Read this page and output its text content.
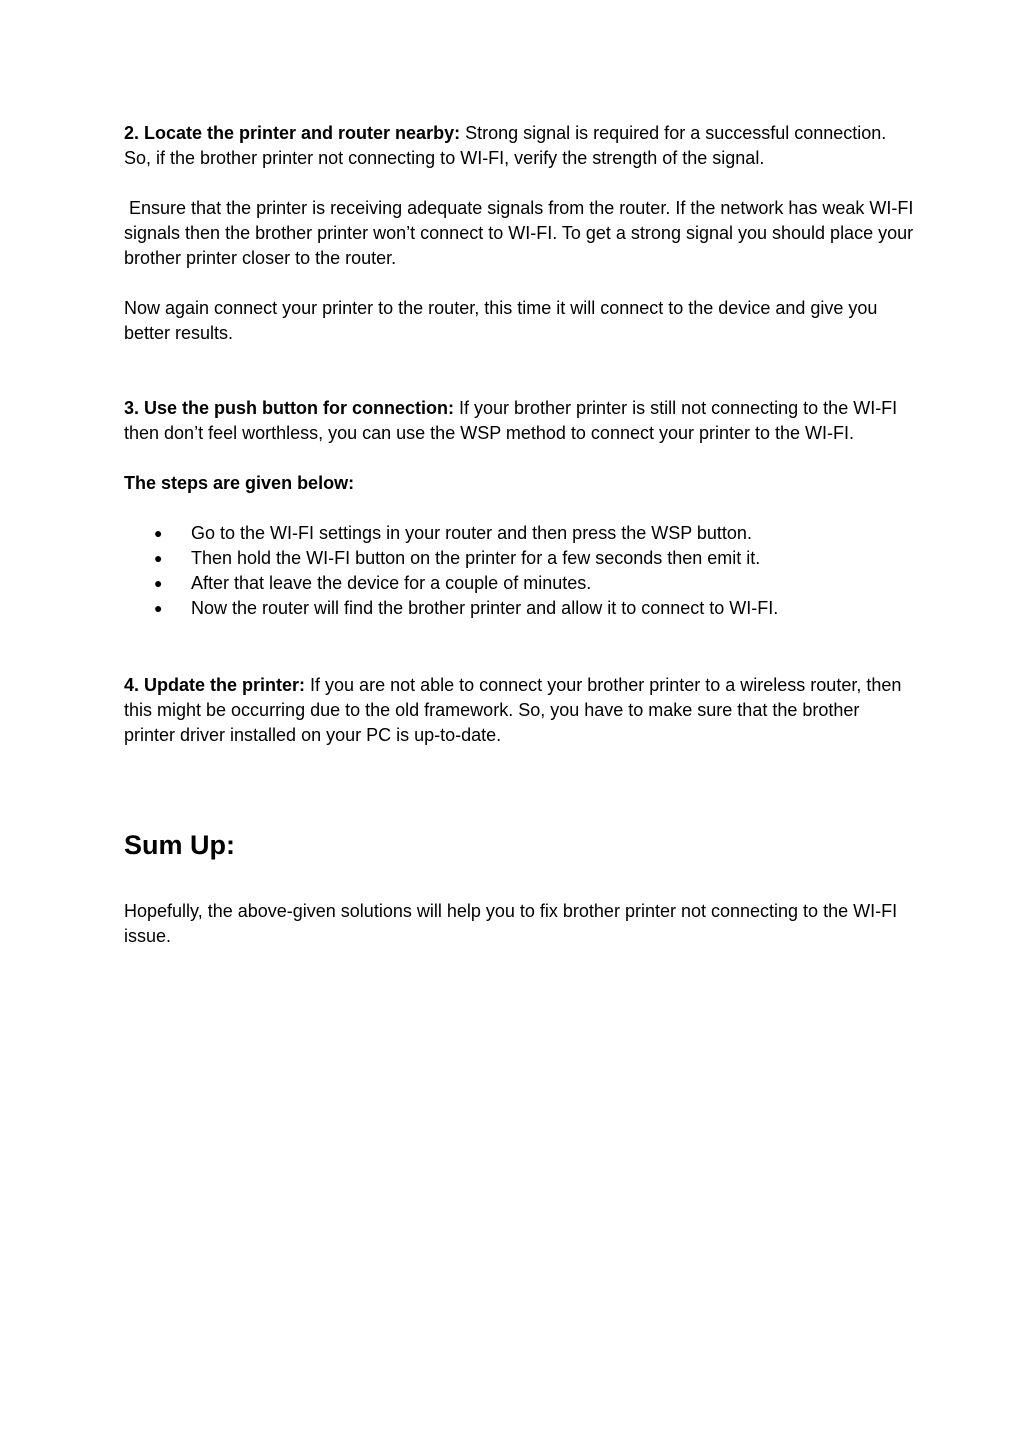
2. Locate the printer and router nearby: Strong signal is required for a successful connection. So, if the brother printer not connecting to WI-FI, verify the strength of the signal.

Ensure that the printer is receiving adequate signals from the router. If the network has weak WI-FI signals then the brother printer won’t connect to WI-FI. To get a strong signal you should place your brother printer closer to the router.

Now again connect your printer to the router, this time it will connect to the device and give you better results.

3. Use the push button for connection: If your brother printer is still not connecting to the WI-FI then don’t feel worthless, you can use the WSP method to connect your printer to the WI-FI.

The steps are given below:

● Go to the WI-FI settings in your router and then press the WSP button.
● Then hold the WI-FI button on the printer for a few seconds then emit it.
● After that leave the device for a couple of minutes.
● Now the router will find the brother printer and allow it to connect to WI-FI.

4. Update the printer: If you are not able to connect your brother printer to a wireless router, then this might be occurring due to the old framework. So, you have to make sure that the brother printer driver installed on your PC is up-to-date.

Sum Up:

Hopefully, the above-given solutions will help you to fix brother printer not connecting to the WI-FI issue.
